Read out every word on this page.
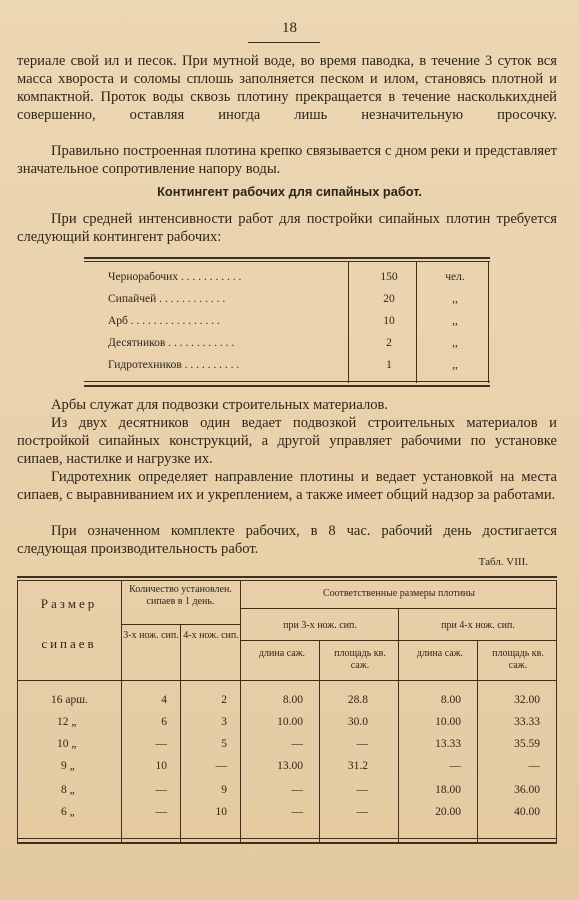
18
териале свой ил и песок. При мутной воде, во время паводка, в течение 3 суток вся масса хвороста и соломы сплошь заполняется песком и илом, становясь плотной и компактной. Проток воды сквозь плотину прекращается в течение насколькихдней совершенно, оставляя иногда лишь незначительную просочку.
Правильно построенная плотина крепко связывается с дном реки и представляет значательное сопротивление напору воды.
Контингент рабочих для сипайных работ.
При средней интенсивности работ для постройки сипайных плотин требуется следующий контингент рабочих:
Чернорабочих . . . . . . . . . . .	150	чел.
Сипайчей . . . . . . . . . . . .	20	,,
Арб . . . . . . . . . . . . . . . .	10	,,
Десятников . . . . . . . . . . . .	2	,,
Гидротехников . . . . . . . . . .	1	,,
Арбы служат для подвозки строительных материалов.
Из двух десятников один ведает подвозкой строительных материалов и постройкой сипайных конструкций, а другой управляет рабочими по установке сипаев, настилке и нагрузке их.
Гидротехник определяет направление плотины и ведает установкой на места сипаев, с выравниванием их и укреплением, а также имеет общий надзор за работами.
При означенном комплекте рабочих, в 8 час. рабочий день достигается следующая производительность работ.
Табл. VIII.
Размер
сипаев
Количество установлен. сипаев в 1 день.
3-х нож. сип. 4-х нож. сип.
Соответственные размеры плотины
при 3-х нож. сип.	при 4-х нож. сип.
длина саж.	площадь кв. саж.
длина саж.	площадь кв. саж.
16 арш.	4	2	8.00	28.8	8.00	32.00
12 „	6	3	10.00	30.0	10.00	33.33
10 „	—	5	—	—	13.33	35.59
9 „	10	—	13.00	31.2	—	—
8 „	—	9	—	—	18.00	36.00
6 „	—	10	—	—	20.00	40.00
